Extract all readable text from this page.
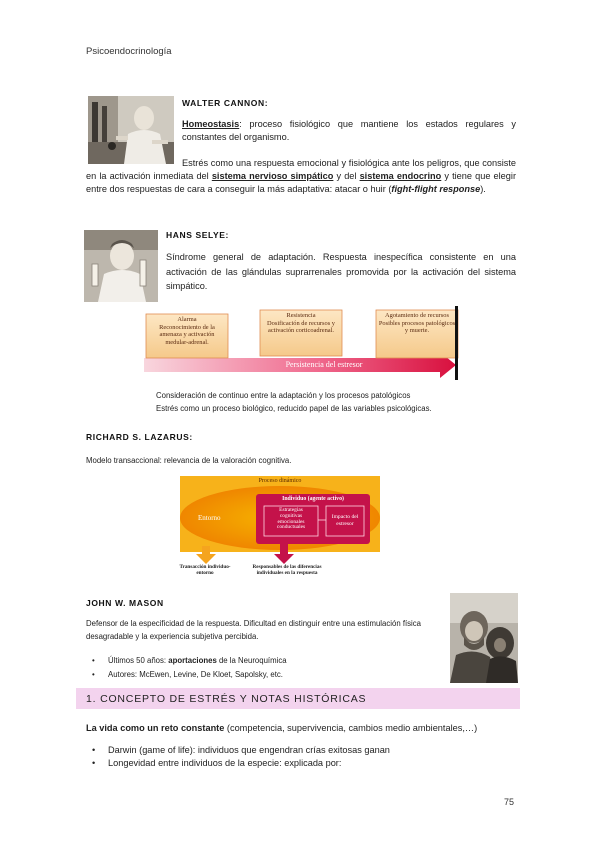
Psicoendocrinología
WALTER CANNON:
Homeostasis: proceso fisiológico que mantiene los estados regulares y constantes del organismo.
Estrés como una respuesta emocional y fisiológica ante los peligros, que consiste en la activación inmediata del sistema nervioso simpático y del sistema endocrino y tiene que elegir entre dos respuestas de cara a conseguir la más adaptativa: atacar o huir (fight-flight response).
HANS SELYE:
Síndrome general de adaptación. Respuesta inespecífica consistente en una activación de las glándulas suprarrenales promovida por la activación del sistema simpático.
Alarma
Reconocimiento de la amenaza y activación medular-adrenal.
Resistencia
Dosificación de recursos y activación corticoadrenal.
Agotamiento de recursos
Posibles procesos patológicos y muerte.
Persistencia del estresor
Consideración de continuo entre la adaptación y los procesos patológicos
Estrés como un proceso biológico, reducido papel de las variables psicológicas.
RICHARD S. LAZARUS:
Modelo transaccional: relevancia de la valoración cognitiva.
Proceso dinámico
Individuo (agente activo)
Entorno
Estrategias
cognitivas
emocionales
conductuales
Impacto del estresor
Transacción individuo-entorno
Responsables de las diferencias individuales en la respuesta
JOHN W. MASON
Defensor de la especificidad de la respuesta. Dificultad en distinguir entre una estimulación física desagradable y la experiencia subjetiva percibida.
• Últimos 50 años: aportaciones de la Neuroquímica
• Autores: McEwen, Levine, De Kloet, Sapolsky, etc.
1. CONCEPTO DE ESTRÉS Y NOTAS HISTÓRICAS
La vida como un reto constante (competencia, supervivencia, cambios medio ambientales,…)
• Darwin (game of life): individuos que engendran crías exitosas ganan
• Longevidad entre individuos de la especie: explicada por:
75
